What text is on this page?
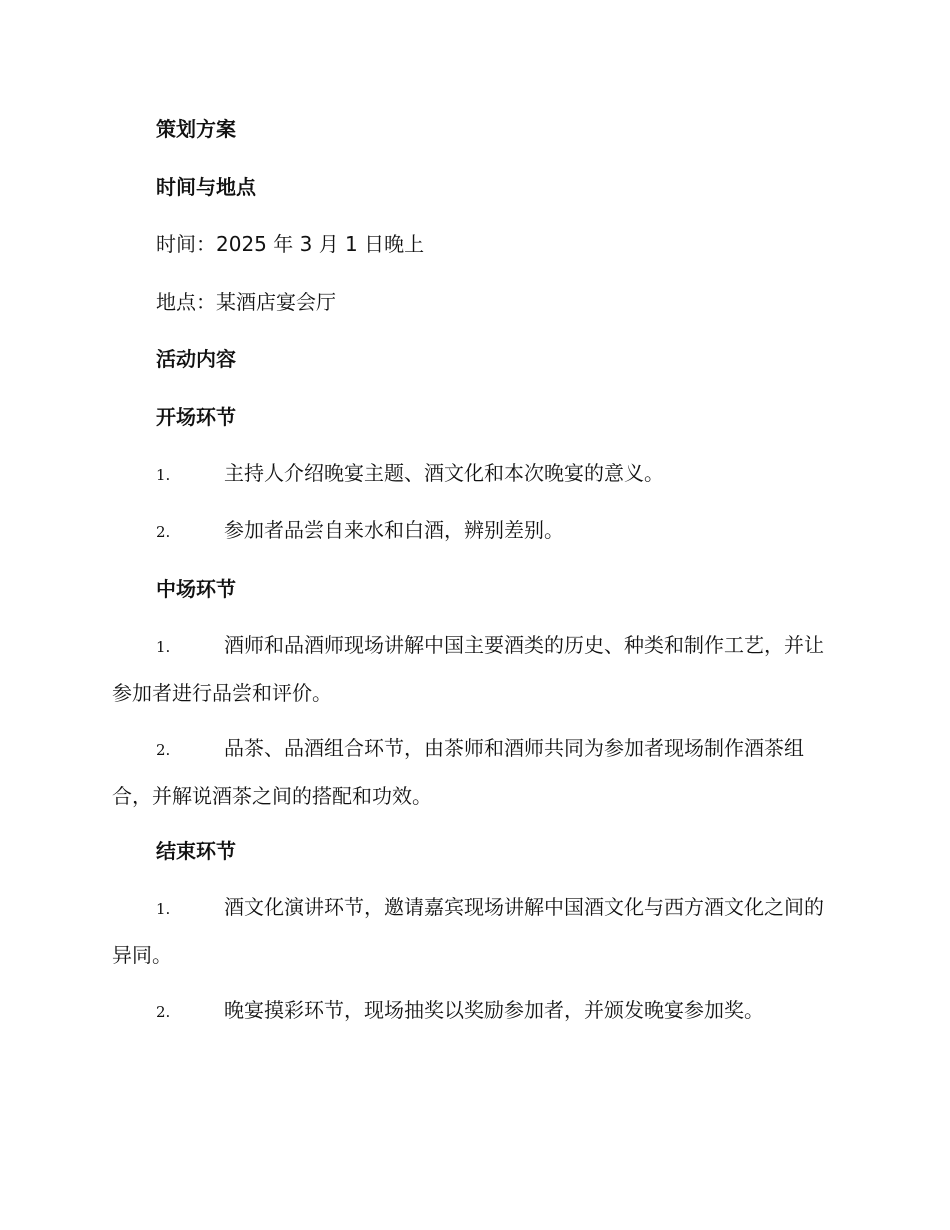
策划方案
时间与地点
时间：2025 年 3 月 1 日晚上
地点：某酒店宴会厅
活动内容
开场环节
1.	主持人介绍晚宴主题、酒文化和本次晚宴的意义。
2.	参加者品尝自来水和白酒，辨别差别。
中场环节
1.	酒师和品酒师现场讲解中国主要酒类的历史、种类和制作工艺，并让参加者进行品尝和评价。
2.	品茶、品酒组合环节，由茶师和酒师共同为参加者现场制作酒茶组合，并解说酒茶之间的搭配和功效。
结束环节
1.	酒文化演讲环节，邀请嘉宾现场讲解中国酒文化与西方酒文化之间的异同。
2.	晚宴摸彩环节，现场抽奖以奖励参加者，并颁发晚宴参加奖。
